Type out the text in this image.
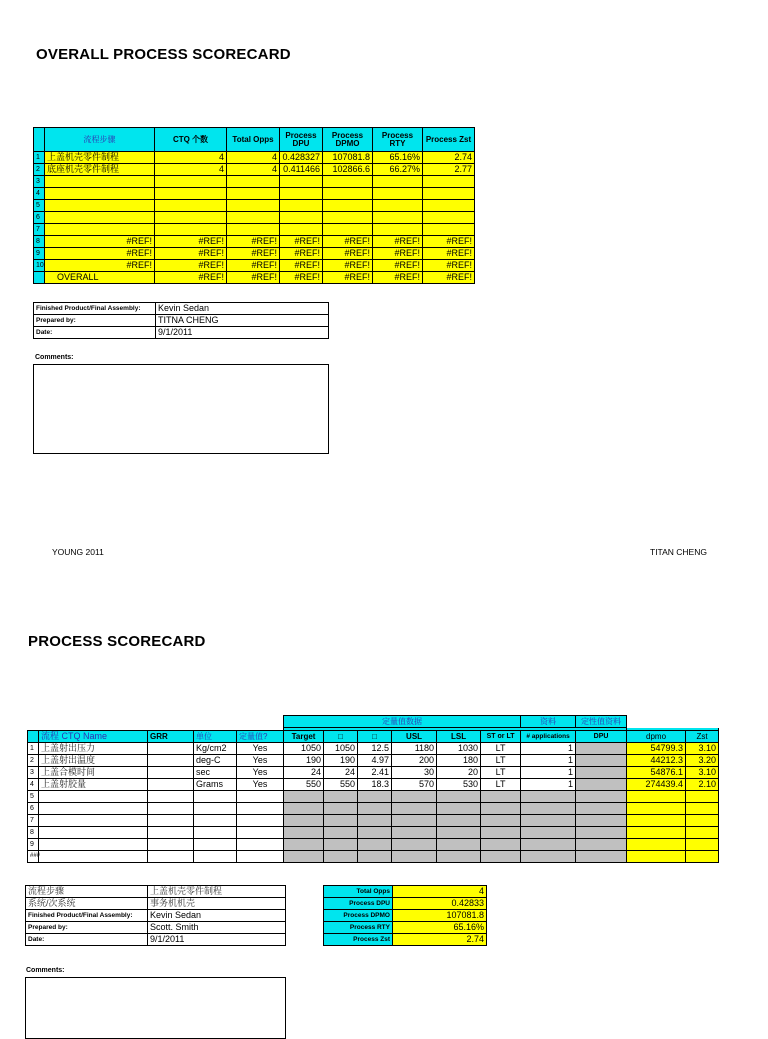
OVERALL PROCESS SCORECARD
	流程步骤	CTQ 个数	Total Opps	Process DPU	Process DPMO	Process RTY	Process Zst
1	上盖机壳零件制程	4	4	0.428327	107081.8	65.16%	2.74
2	底座机壳零件制程	4	4	0.411466	102866.6	66.27%	2.77
3							
4							
5							
6							
7							
8	#REF!	#REF!	#REF!	#REF!	#REF!	#REF!	#REF!
9	#REF!	#REF!	#REF!	#REF!	#REF!	#REF!	#REF!
10	#REF!	#REF!	#REF!	#REF!	#REF!	#REF!	#REF!
	OVERALL	#REF!	#REF!	#REF!	#REF!	#REF!	#REF!
Finished Product/Final Assembly:	Kevin Sedan
Prepared by:	TITNA CHENG
Date:	9/1/2011
Comments:
YOUNG 2011	TITAN CHENG
PROCESS SCORECARD
					定量值数据						资料	定性值资料		

	流程 CTQ Name	GRR	单位	定量值?	Target	□	□	USL	LSL	ST or LT	# applications	DPU	dpmo	Zst
1	上盖射出压力		Kg/cm2	Yes	1050	1050	12.5	1180	1030	LT	1		54799.3	3.10
2	上盖射出温度		deg-C	Yes	190	190	4.97	200	180	LT	1		44212.3	3.20
3	上盖合模时间		sec	Yes	24	24	2.41	30	20	LT	1		54876.1	3.10
4	上盖射胶量		Grams	Yes	550	550	18.3	570	530	LT	1		274439.4	2.10
5														
6														
7														
8														
9														
###														
流程步骤	上盖机壳零件制程
系统/次系统	事务机机壳
Finished Product/Final Assembly:	Kevin Sedan
Prepared by:	Scott. Smith
Date:	9/1/2011
Total Opps	4
Process DPU	0.42833
Process DPMO	107081.8
Process RTY	65.16%
Process Zst	2.74
Comments:
